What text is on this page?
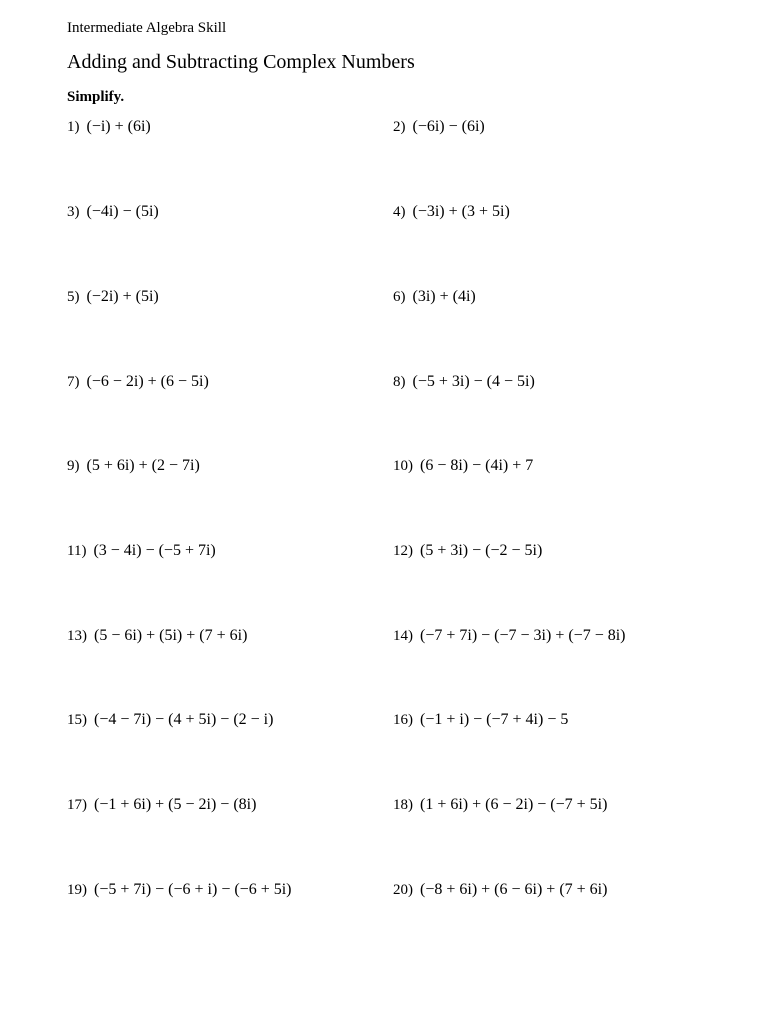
Intermediate Algebra Skill
Adding and Subtracting Complex Numbers
Simplify.
1) (−i) + (6i)	2) (−6i) − (6i)
3) (−4i) − (5i)	4) (−3i) + (3 + 5i)
5) (−2i) + (5i)	6) (3i) + (4i)
7) (−6 − 2i) + (6 − 5i)	8) (−5 + 3i) − (4 − 5i)
9) (5 + 6i) + (2 − 7i)	10) (6 − 8i) − (4i) + 7
11) (3 − 4i) − (−5 + 7i)	12) (5 + 3i) − (−2 − 5i)
13) (5 − 6i) + (5i) + (7 + 6i)	14) (−7 + 7i) − (−7 − 3i) + (−7 − 8i)
15) (−4 − 7i) − (4 + 5i) − (2 − i)	16) (−1 + i) − (−7 + 4i) − 5
17) (−1 + 6i) + (5 − 2i) − (8i)	18) (1 + 6i) + (6 − 2i) − (−7 + 5i)
19) (−5 + 7i) − (−6 + i) − (−6 + 5i)	20) (−8 + 6i) + (6 − 6i) + (7 + 6i)
